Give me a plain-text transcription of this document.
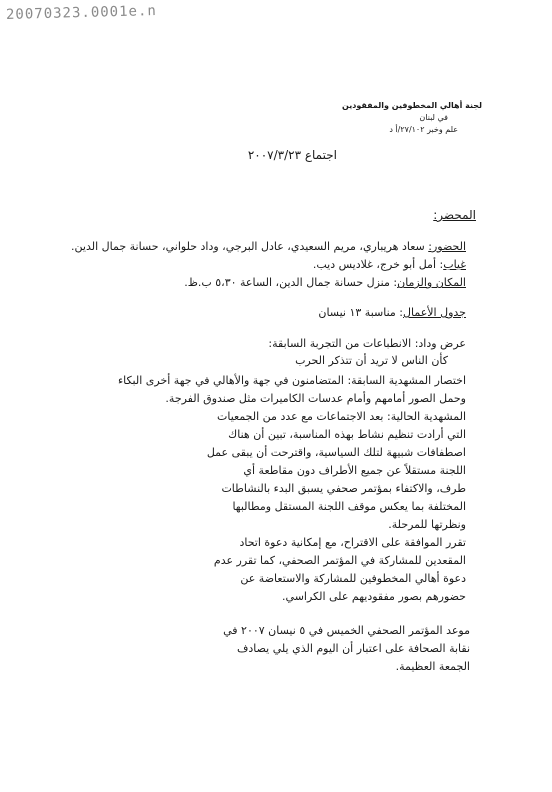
20070323.0001e.n
لجنة أهالي المخطوفين والمفقودين
في لبنان
علم وخبر ٢٧/١٠٢/أ د
اجتماع ٢٠٠٧/٣/٢٣
المحضر:
الحضور: سعاد هريباري، مريم السعيدي، عادل البرجي، وداد حلواني، حسانة جمال الدين.
غياب: أمل أبو خرج، غلاديس ديب.
المكان والزمان: منزل حسانة جمال الدين، الساعة ٥،٣٠ ب.ظ.
جدول الأعمال: مناسبة ١٣ نيسان
عرض وداد: الانطباعات من التجربة السابقة:
كأن الناس لا تريد أن تتذكر الحرب
اختصار المشهدية السابقة: المتضامنون في جهة والأهالي في جهة أخرى البكاء
وحمل الصور أمامهم وأمام عدسات الكاميرات مثل صندوق الفرجة.
المشهدية الحالية: بعد الاجتماعات مع عدد من الجمعيات
التي أرادت تنظيم نشاط بهذه المناسبة، تبين أن هناك
اصطفافات شبيهة لتلك السياسية، واقترحت أن يبقى عمل
اللجنة مستقلاً عن جميع الأطراف دون مقاطعة أي
طرف، والاكتفاء بمؤتمر صحفي يسبق البدء بالنشاطات
المختلفة بما يعكس موقف اللجنة المستقل ومطالبها
ونظرتها للمرحلة.
تقرر الموافقة على الاقتراح، مع إمكانية دعوة اتحاد
المقعدين للمشاركة في المؤتمر الصحفي، كما تقرر عدم
دعوة أهالي المخطوفين للمشاركة والاستعاضة عن
حضورهم بصور مفقوديهم على الكراسي.
موعد المؤتمر الصحفي الخميس في ٥ نيسان ٢٠٠٧ في
نقابة الصحافة على اعتبار أن اليوم الذي يلي يصادف
الجمعة العظيمة.
